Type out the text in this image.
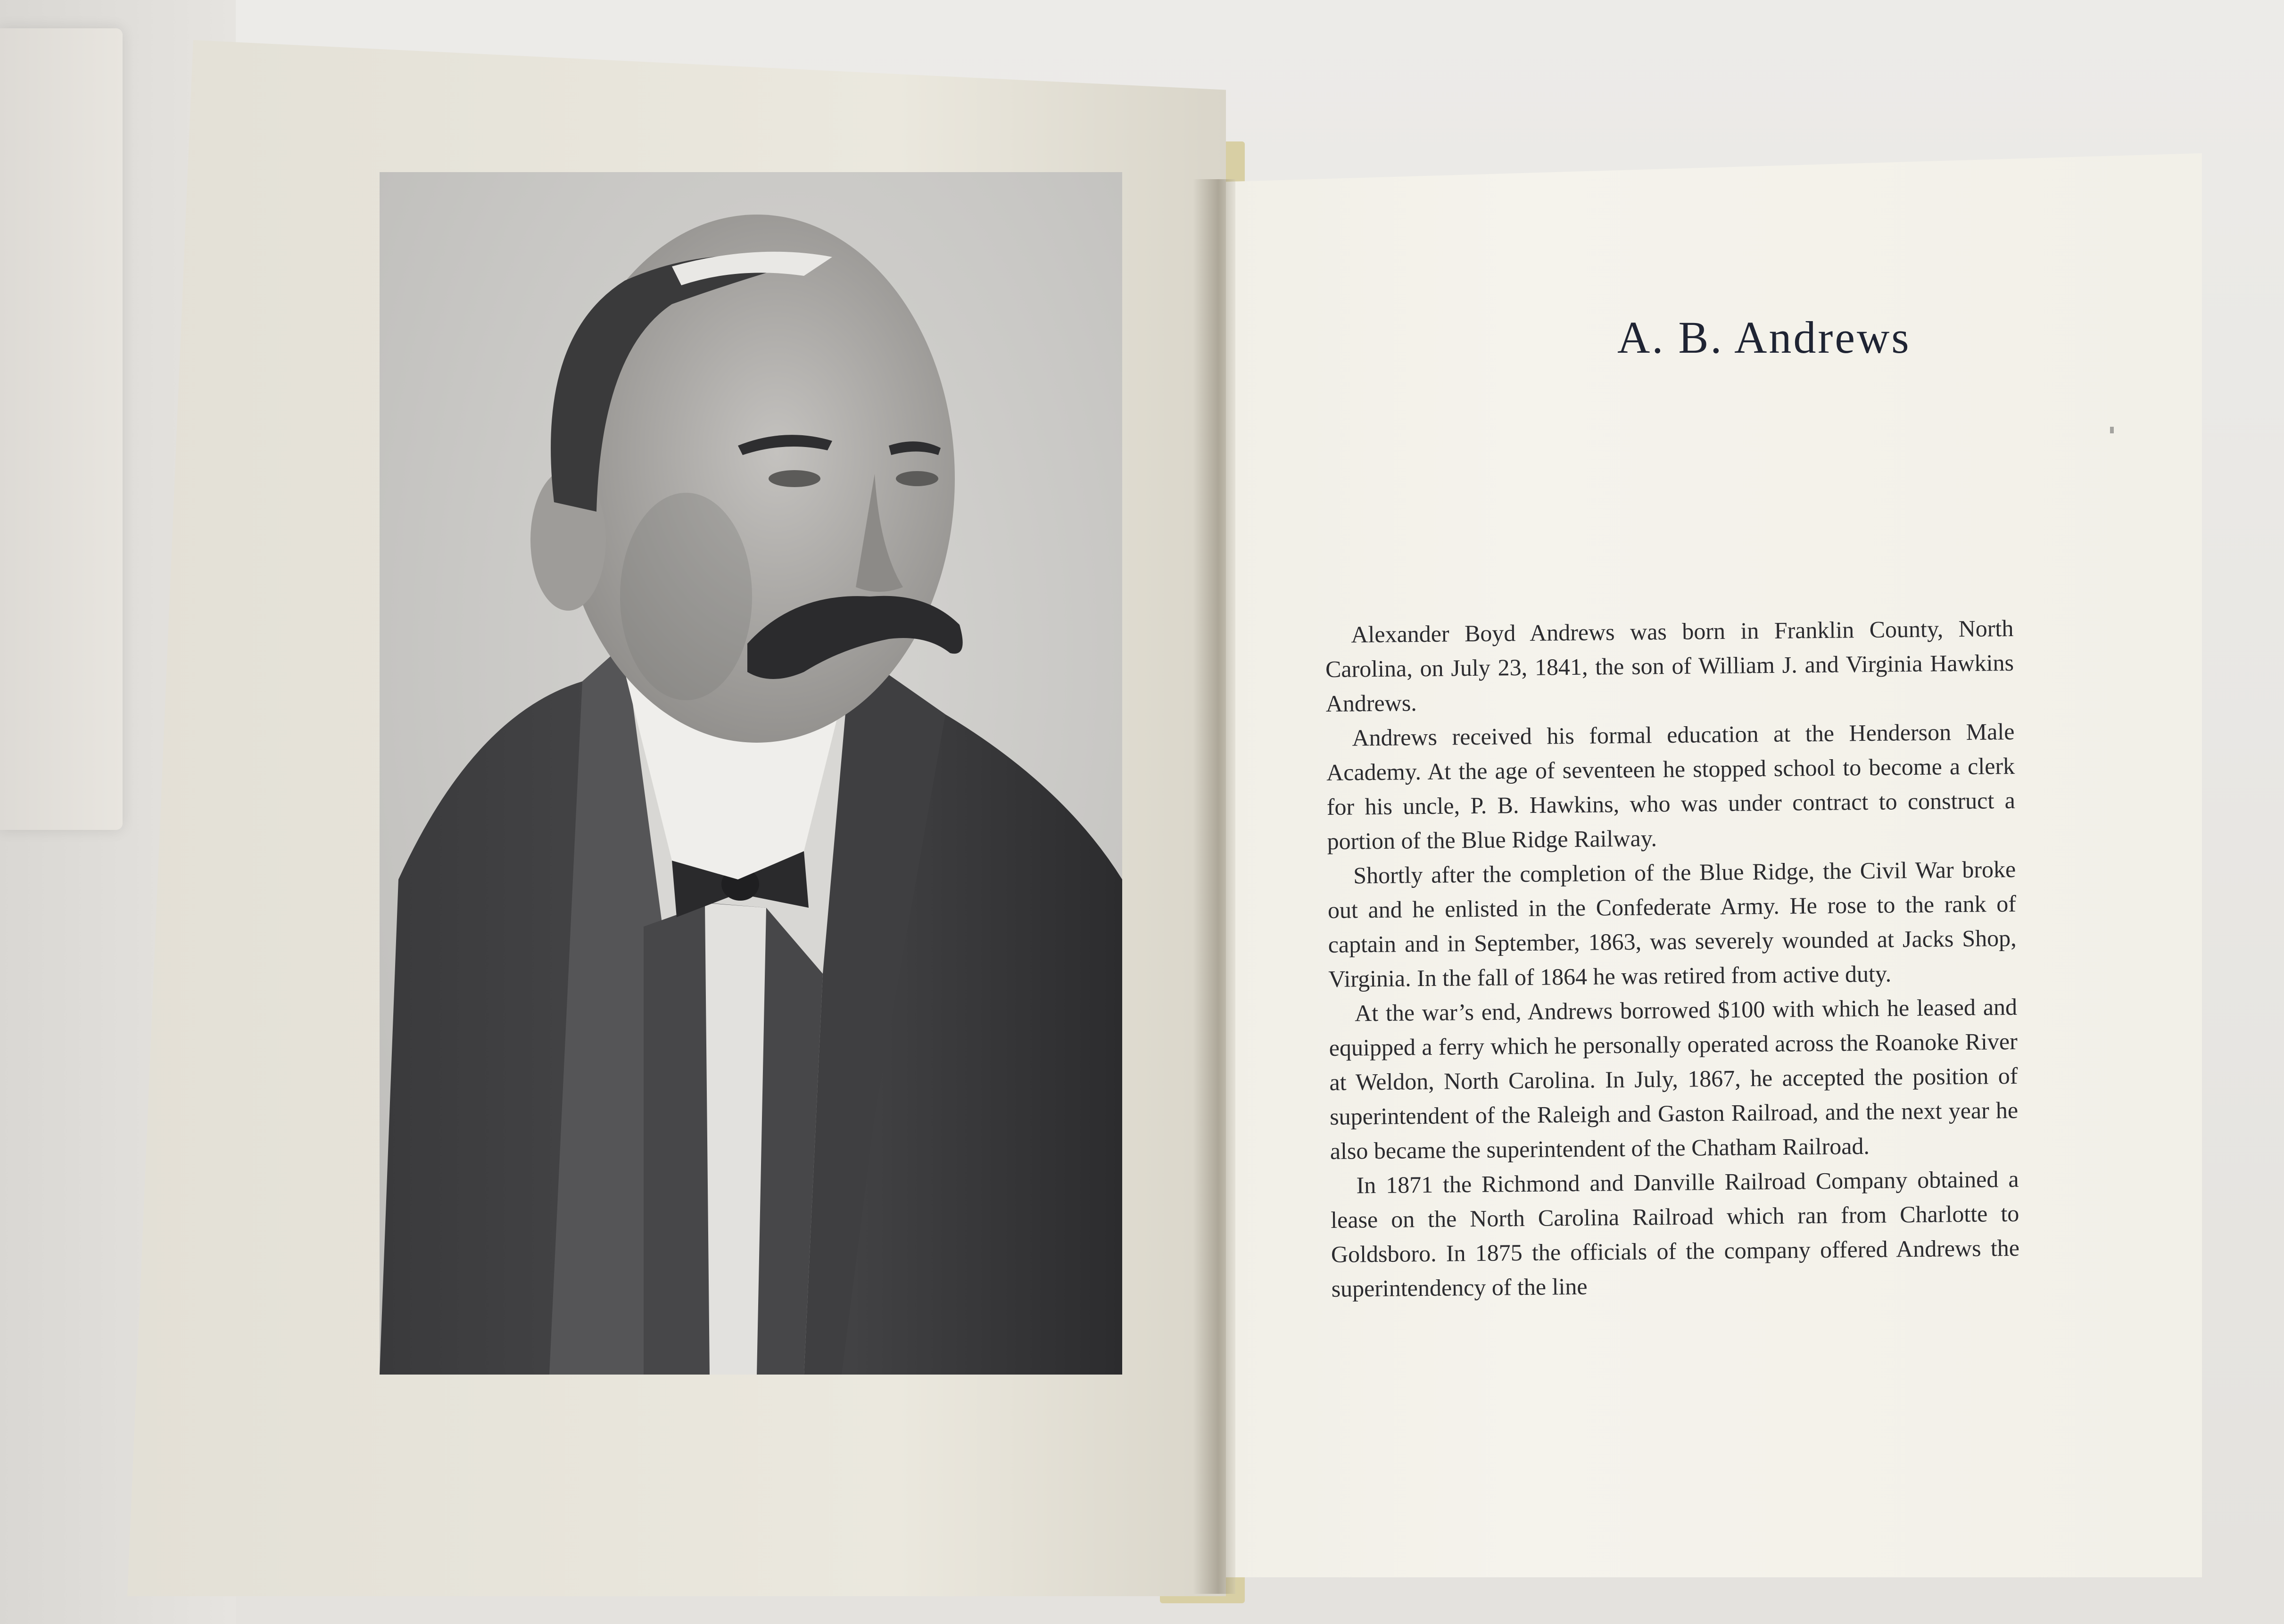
A. B. Andrews

Alexander Boyd Andrews was born in Franklin County, North Carolina, on July 23, 1841, the son of William J. and Virginia Hawkins Andrews.

Andrews received his formal education at the Henderson Male Academy. At the age of seventeen he stopped school to become a clerk for his uncle, P. B. Hawkins, who was under contract to construct a portion of the Blue Ridge Railway.

Shortly after the completion of the Blue Ridge, the Civil War broke out and he enlisted in the Confederate Army. He rose to the rank of captain and in September, 1863, was severely wounded at Jacks Shop, Virginia. In the fall of 1864 he was retired from active duty.

At the war’s end, Andrews borrowed $100 with which he leased and equipped a ferry which he personally operated across the Roanoke River at Weldon, North Carolina. In July, 1867, he accepted the position of superintendent of the Raleigh and Gaston Railroad, and the next year he also became the superintendent of the Chatham Railroad.

In 1871 the Richmond and Danville Railroad Company obtained a lease on the North Carolina Railroad which ran from Charlotte to Goldsboro. In 1875 the officials of the company offered Andrews the superintendency of the line
